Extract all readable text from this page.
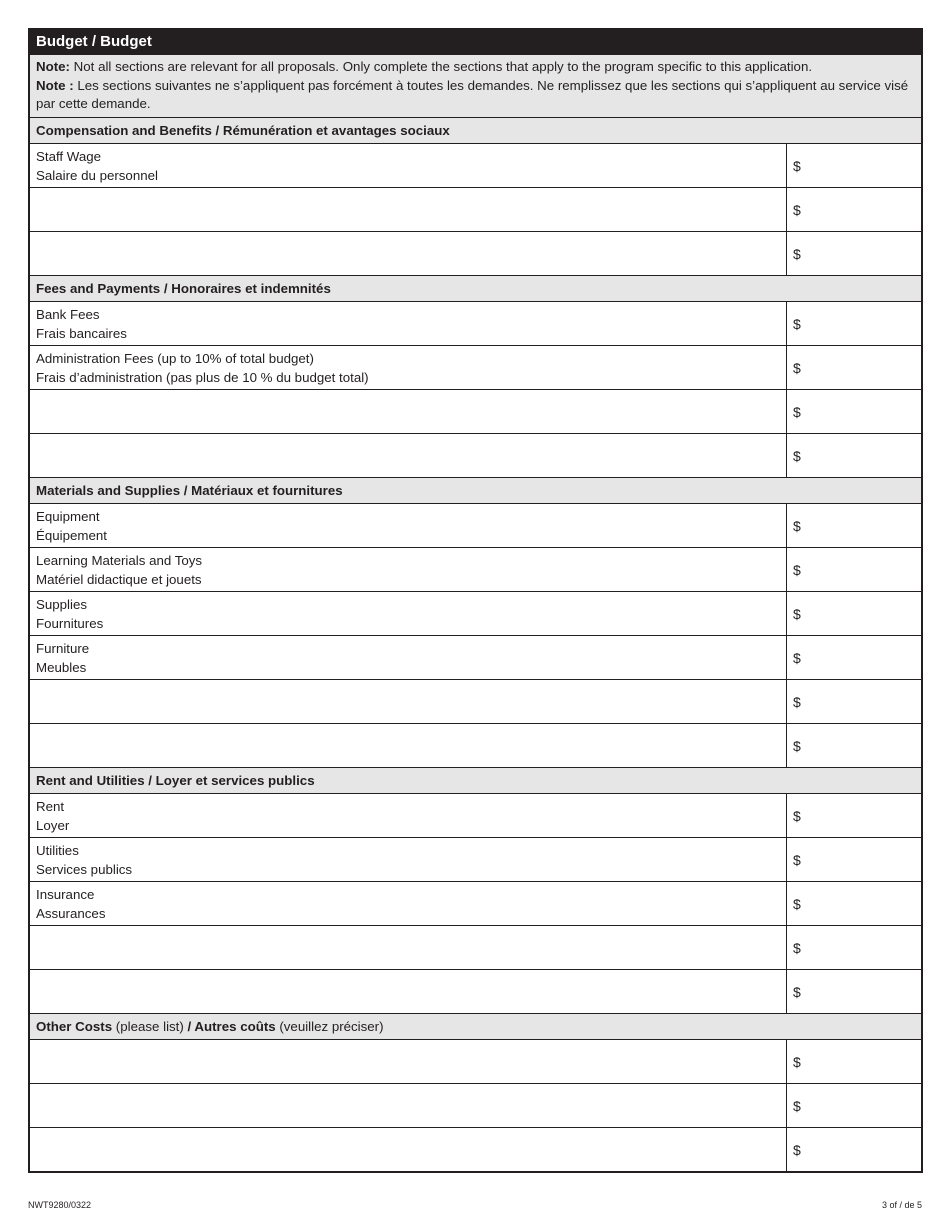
Budget / Budget
Note: Not all sections are relevant for all proposals. Only complete the sections that apply to the program specific to this application.
Note : Les sections suivantes ne s’appliquent pas forcément à toutes les demandes. Ne remplissez que les sections qui s’appliquent au service visé par cette demande.
Compensation and Benefits / Rémunération et avantages sociaux
Staff Wage
Salaire du personnel
$
$
$
Fees and Payments / Honoraires et indemnités
Bank Fees
Frais bancaires
$
Administration Fees (up to 10% of total budget)
Frais d’administration (pas plus de 10 % du budget total)
$
$
$
Materials and Supplies / Matériaux et fournitures
Equipment
Équipement
$
Learning Materials and Toys
Matériel didactique et jouets
$
Supplies
Fournitures
$
Furniture
Meubles
$
$
$
Rent and Utilities / Loyer et services publics
Rent
Loyer
$
Utilities
Services publics
$
Insurance
Assurances
$
$
$
Other Costs (please list) / Autres coûts (veuillez préciser)
$
$
$
NWT9280/0322	3 of / de 5
